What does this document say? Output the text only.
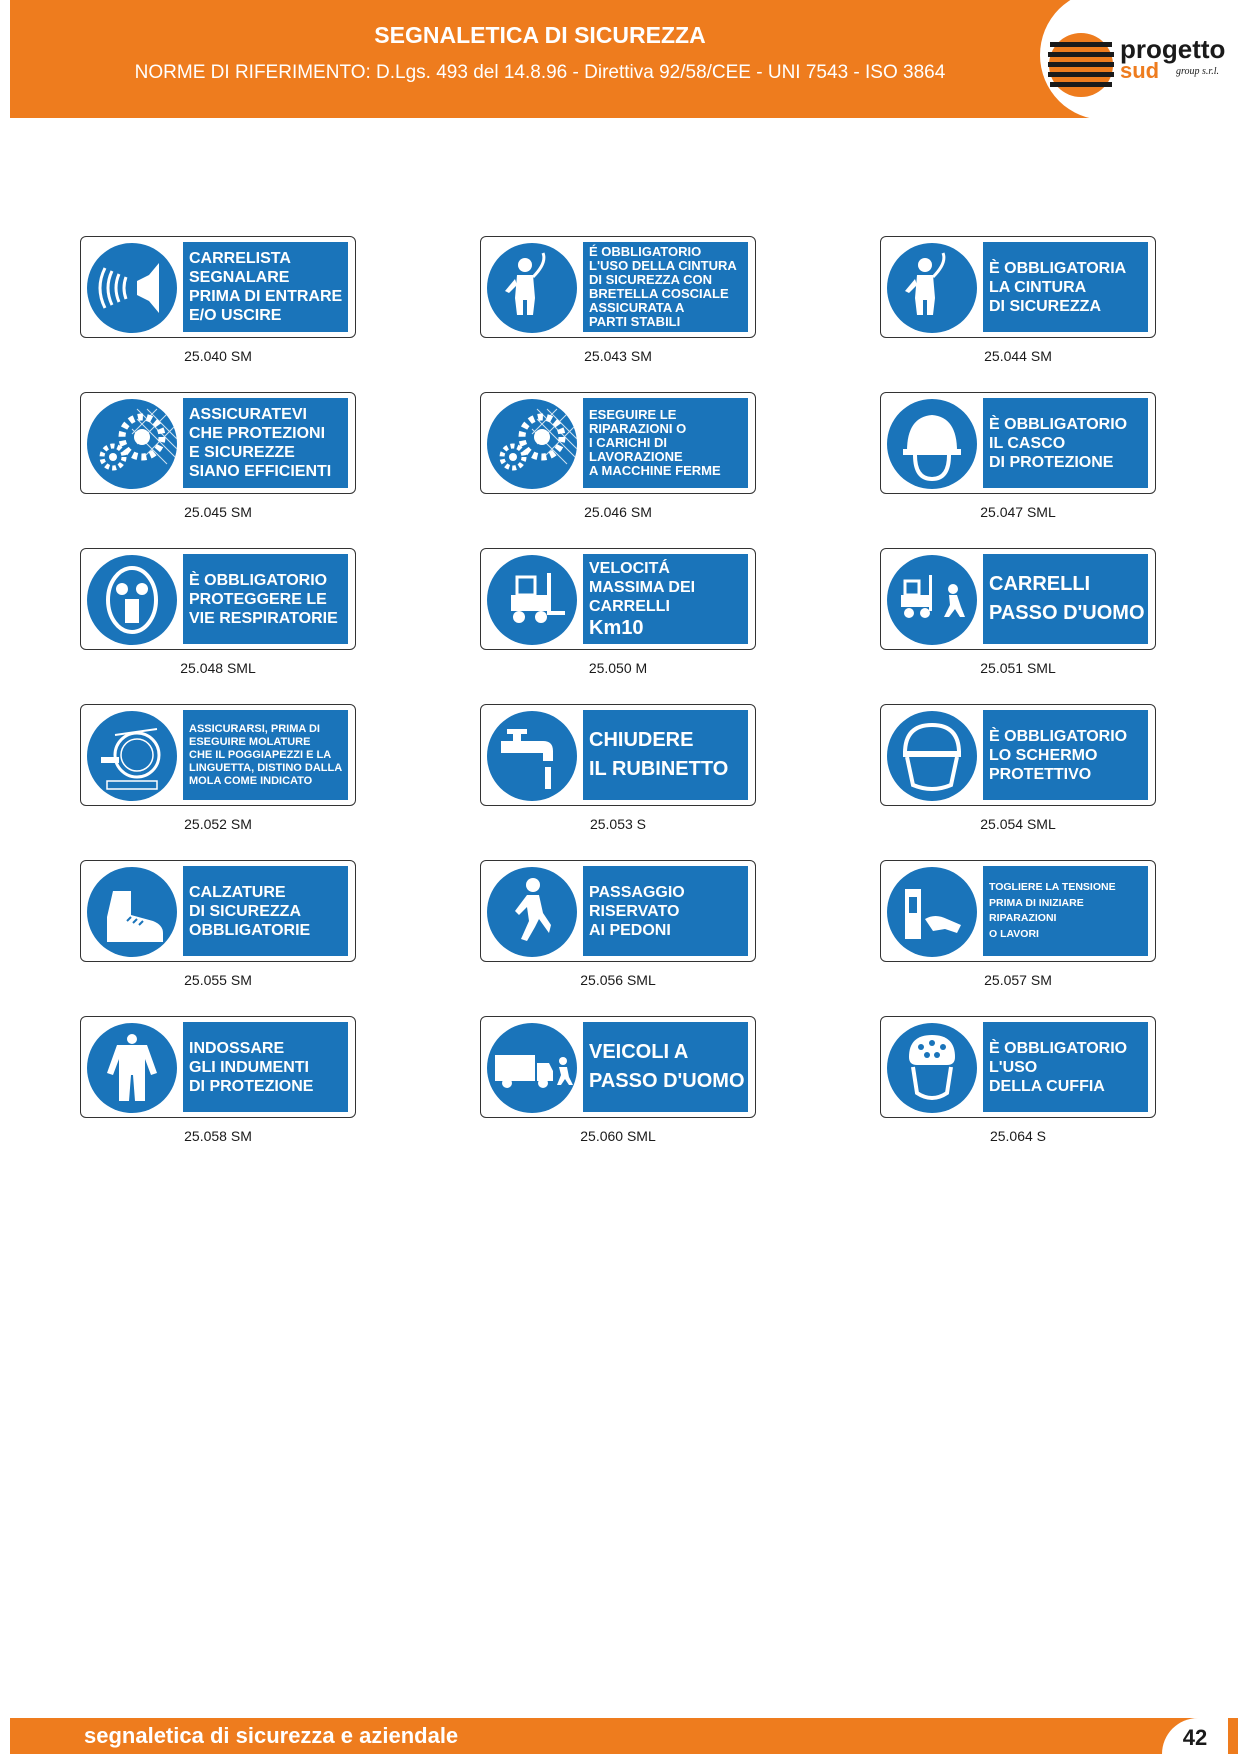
SEGNALETICA DI SICUREZZA
NORME DI RIFERIMENTO: D.Lgs. 493 del 14.8.96 - Direttiva 92/58/CEE - UNI 7543 - ISO 3864
progetto
sud group s.r.l.
CARRELISTA
SEGNALARE
PRIMA DI ENTRARE
E/O USCIRE
25.040 SM
É OBBLIGATORIO
L'USO DELLA CINTURA
DI SICUREZZA CON
BRETELLA COSCIALE
ASSICURATA A
PARTI STABILI
25.043 SM
È OBBLIGATORIA
LA CINTURA
DI SICUREZZA
25.044 SM
ASSICURATEVI
CHE PROTEZIONI
E SICUREZZE
SIANO EFFICIENTI
25.045 SM
ESEGUIRE LE
RIPARAZIONI O
I CARICHI DI
LAVORAZIONE
A MACCHINE FERME
25.046 SM
È OBBLIGATORIO
IL CASCO
DI PROTEZIONE
25.047 SML
È OBBLIGATORIO
PROTEGGERE LE
VIE RESPIRATORIE
25.048 SML
VELOCITÁ
MASSIMA DEI
CARRELLI
Km10
25.050 M
CARRELLI
PASSO D'UOMO
25.051 SML
ASSICURARSI, PRIMA DI
ESEGUIRE MOLATURE
CHE IL POGGIAPEZZI E LA
LINGUETTA, DISTINO DALLA
MOLA COME INDICATO
25.052 SM
CHIUDERE
IL RUBINETTO
25.053 S
È OBBLIGATORIO
LO SCHERMO
PROTETTIVO
25.054 SML
CALZATURE
DI SICUREZZA
OBBLIGATORIE
25.055 SM
PASSAGGIO
RISERVATO
AI PEDONI
25.056 SML
TOGLIERE LA TENSIONE
PRIMA DI INIZIARE
RIPARAZIONI
O LAVORI
25.057 SM
INDOSSARE
GLI INDUMENTI
DI PROTEZIONE
25.058 SM
VEICOLI A
PASSO D'UOMO
25.060 SML
È OBBLIGATORIO
L'USO
DELLA CUFFIA
25.064 S
segnaletica di sicurezza e aziendale	42
